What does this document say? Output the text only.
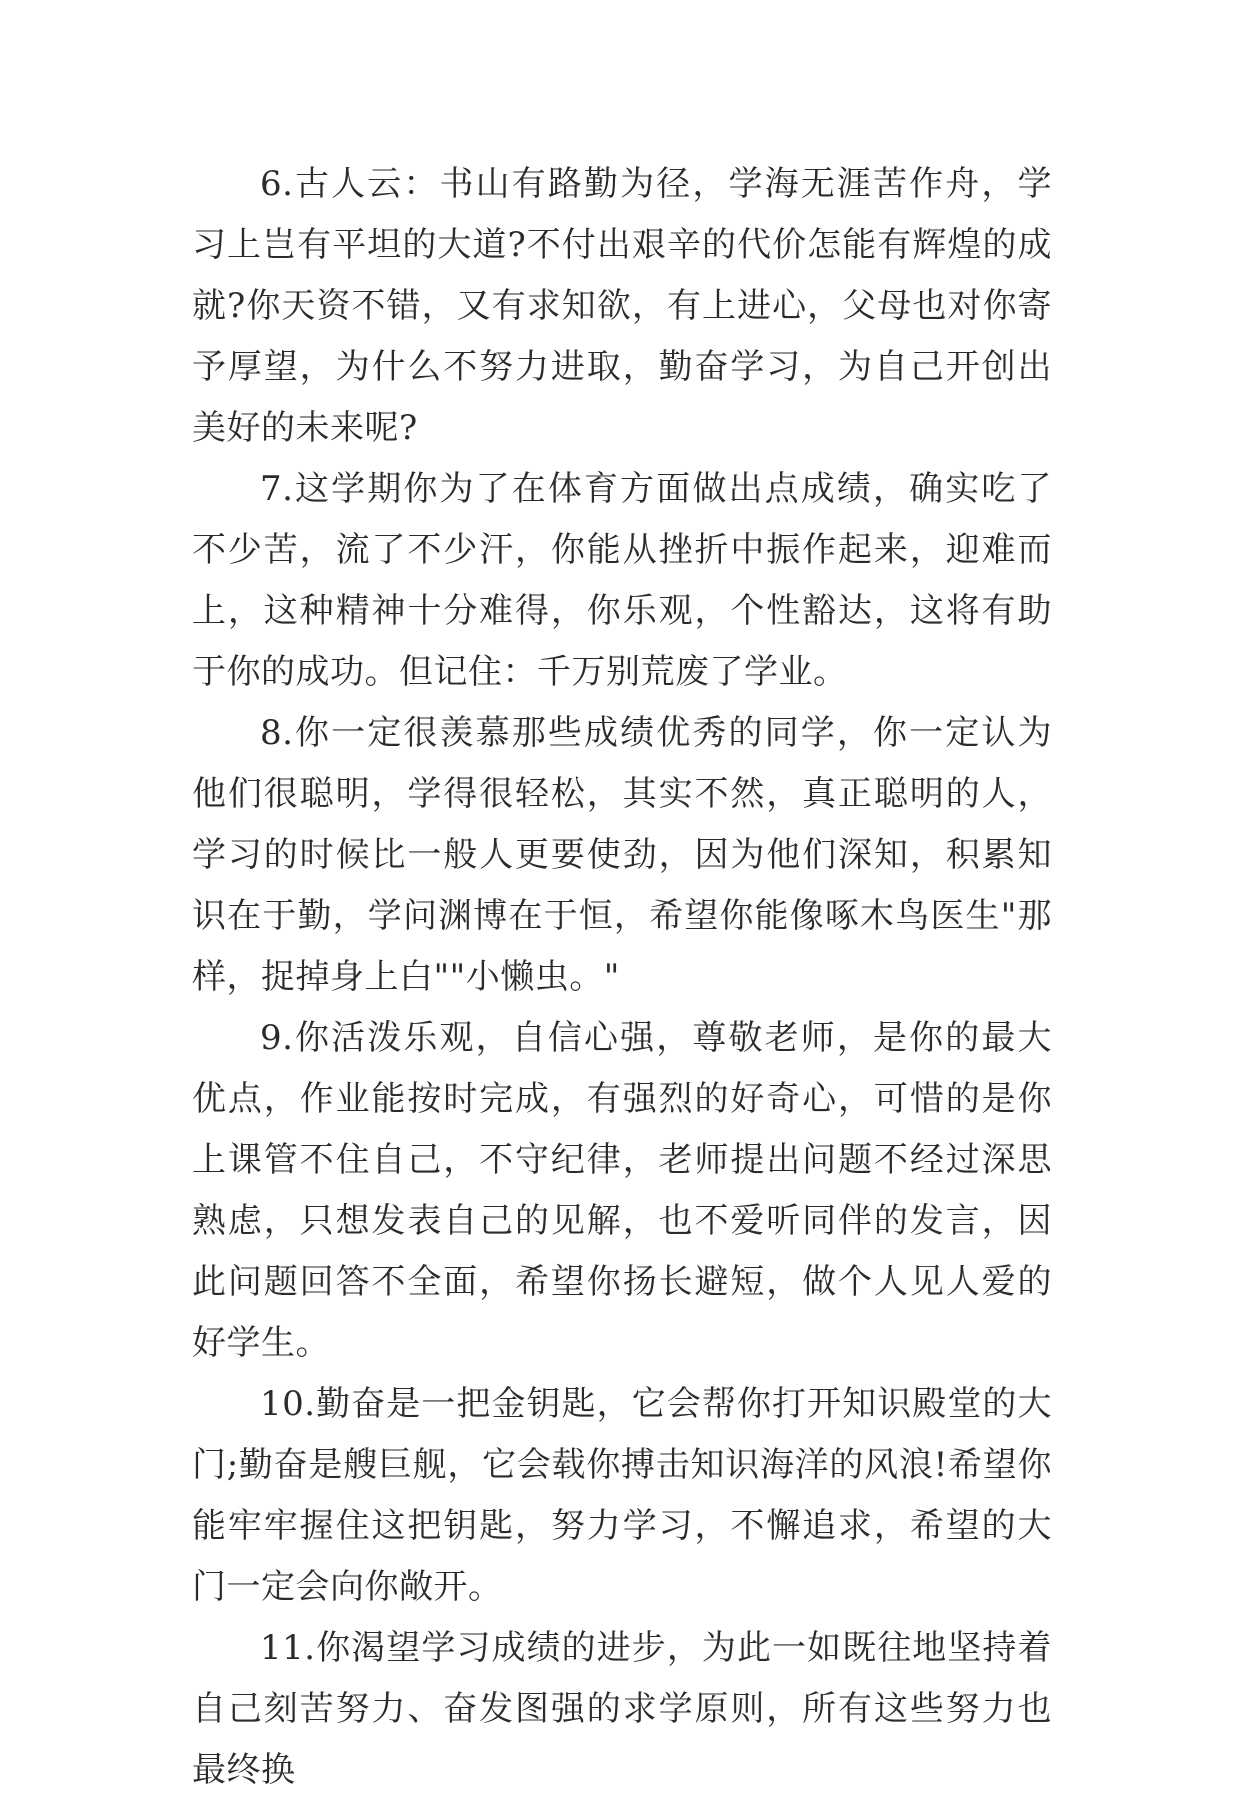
6.古人云：书山有路勤为径，学海无涯苦作舟，学习上岂有平坦的大道?不付出艰辛的代价怎能有辉煌的成就?你天资不错，又有求知欲，有上进心，父母也对你寄予厚望，为什么不努力进取，勤奋学习，为自己开创出美好的未来呢?

7.这学期你为了在体育方面做出点成绩，确实吃了不少苦，流了不少汗，你能从挫折中振作起来，迎难而上，这种精神十分难得，你乐观，个性豁达，这将有助于你的成功。但记住：千万别荒废了学业。

8.你一定很羡慕那些成绩优秀的同学，你一定认为他们很聪明，学得很轻松，其实不然，真正聪明的人，学习的时候比一般人更要使劲，因为他们深知，积累知识在于勤，学问渊博在于恒，希望你能像啄木鸟医生"那样，捉掉身上白""小懒虫。"

9.你活泼乐观，自信心强，尊敬老师，是你的最大优点，作业能按时完成，有强烈的好奇心，可惜的是你上课管不住自己，不守纪律，老师提出问题不经过深思熟虑，只想发表自己的见解，也不爱听同伴的发言，因此问题回答不全面，希望你扬长避短，做个人见人爱的好学生。

10.勤奋是一把金钥匙，它会帮你打开知识殿堂的大门;勤奋是艘巨舰，它会载你搏击知识海洋的风浪!希望你能牢牢握住这把钥匙，努力学习，不懈追求，希望的大门一定会向你敞开。

11.你渴望学习成绩的进步，为此一如既往地坚持着自己刻苦努力、奋发图强的求学原则，所有这些努力也最终换
